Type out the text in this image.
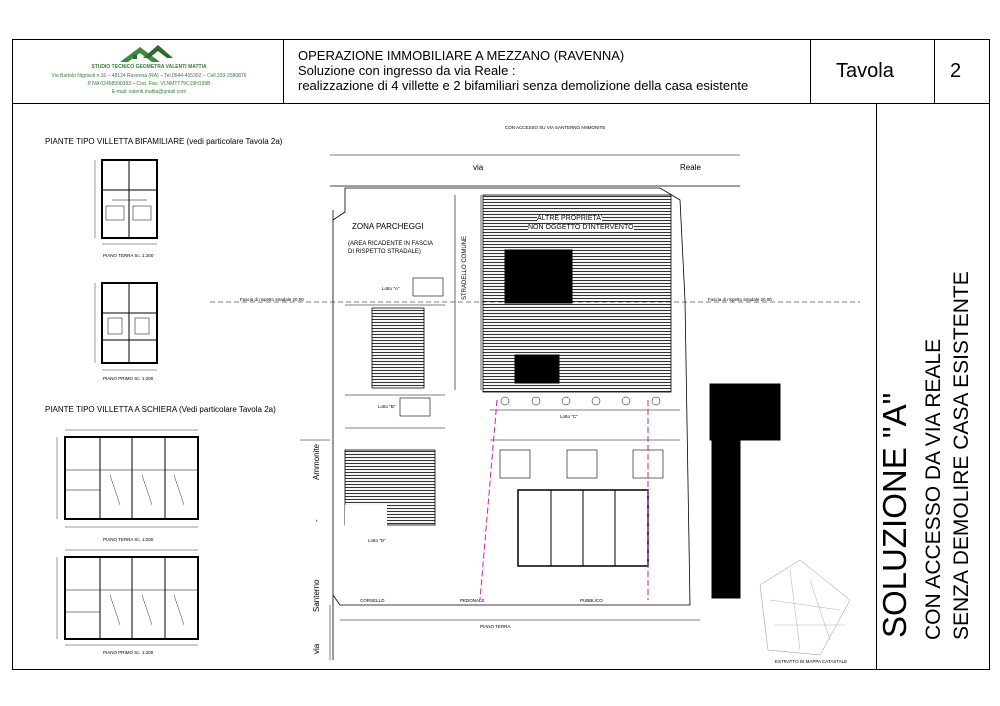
STUDIO TECNICO GEOMETRA VALENTI MATTIA
Via Bartolo Nigrisoli n.16 – 48124 Ravenna (RA) – Tel.0544-455392 – Cell.339-2580876
P.IVA 02458990393 – Cod. Fisc. VLNMTT79C19H199B
E-mail: valenti.mattia@gmail.com
OPERAZIONE IMMOBILIARE A MEZZANO (RAVENNA)
Soluzione con ingresso da via Reale :
realizzazione di 4 villette e 2 bifamiliari senza demolizione della casa esistente
Tavola	2
SOLUZIONE "A" CON ACCESSO DA VIA REALE SENZA DEMOLIRE CASA ESISTENTE
PIANTE TIPO VILLETTA BIFAMILIARE (vedi particolare Tavola 2a)
PIANTE TIPO VILLETTA A SCHIERA (Vedi particolare Tavola 2a)
PIANO TERRA Sc. 1:200
PIANO PRIMO Sc. 1:200
PIANO TERRA Sc. 1:200
PIANO PRIMO Sc. 1:200
CON ACCESSO SU VIA SANTERNO AMMONITE
via	Reale
ZONA PARCHEGGI
(AREA RICADENTE IN FASCIA
DI RISPETTO STRADALE)
ALTRE PROPRIETA'
NON OGGETTO D'INTERVENTO
STRADELLO COMUNE
Santerno
-
Ammonite
via
CORSELLO	PEDONALE	PUBBLICO
PIANO TERRA
ESTRATTO DI MAPPA CATASTALE
Fascia di rispetto stradale 20.00	Fascia di rispetto stradale 20.00
Lotto "A"
Lotto "B"
Lotto "C"
Lotto "D"
